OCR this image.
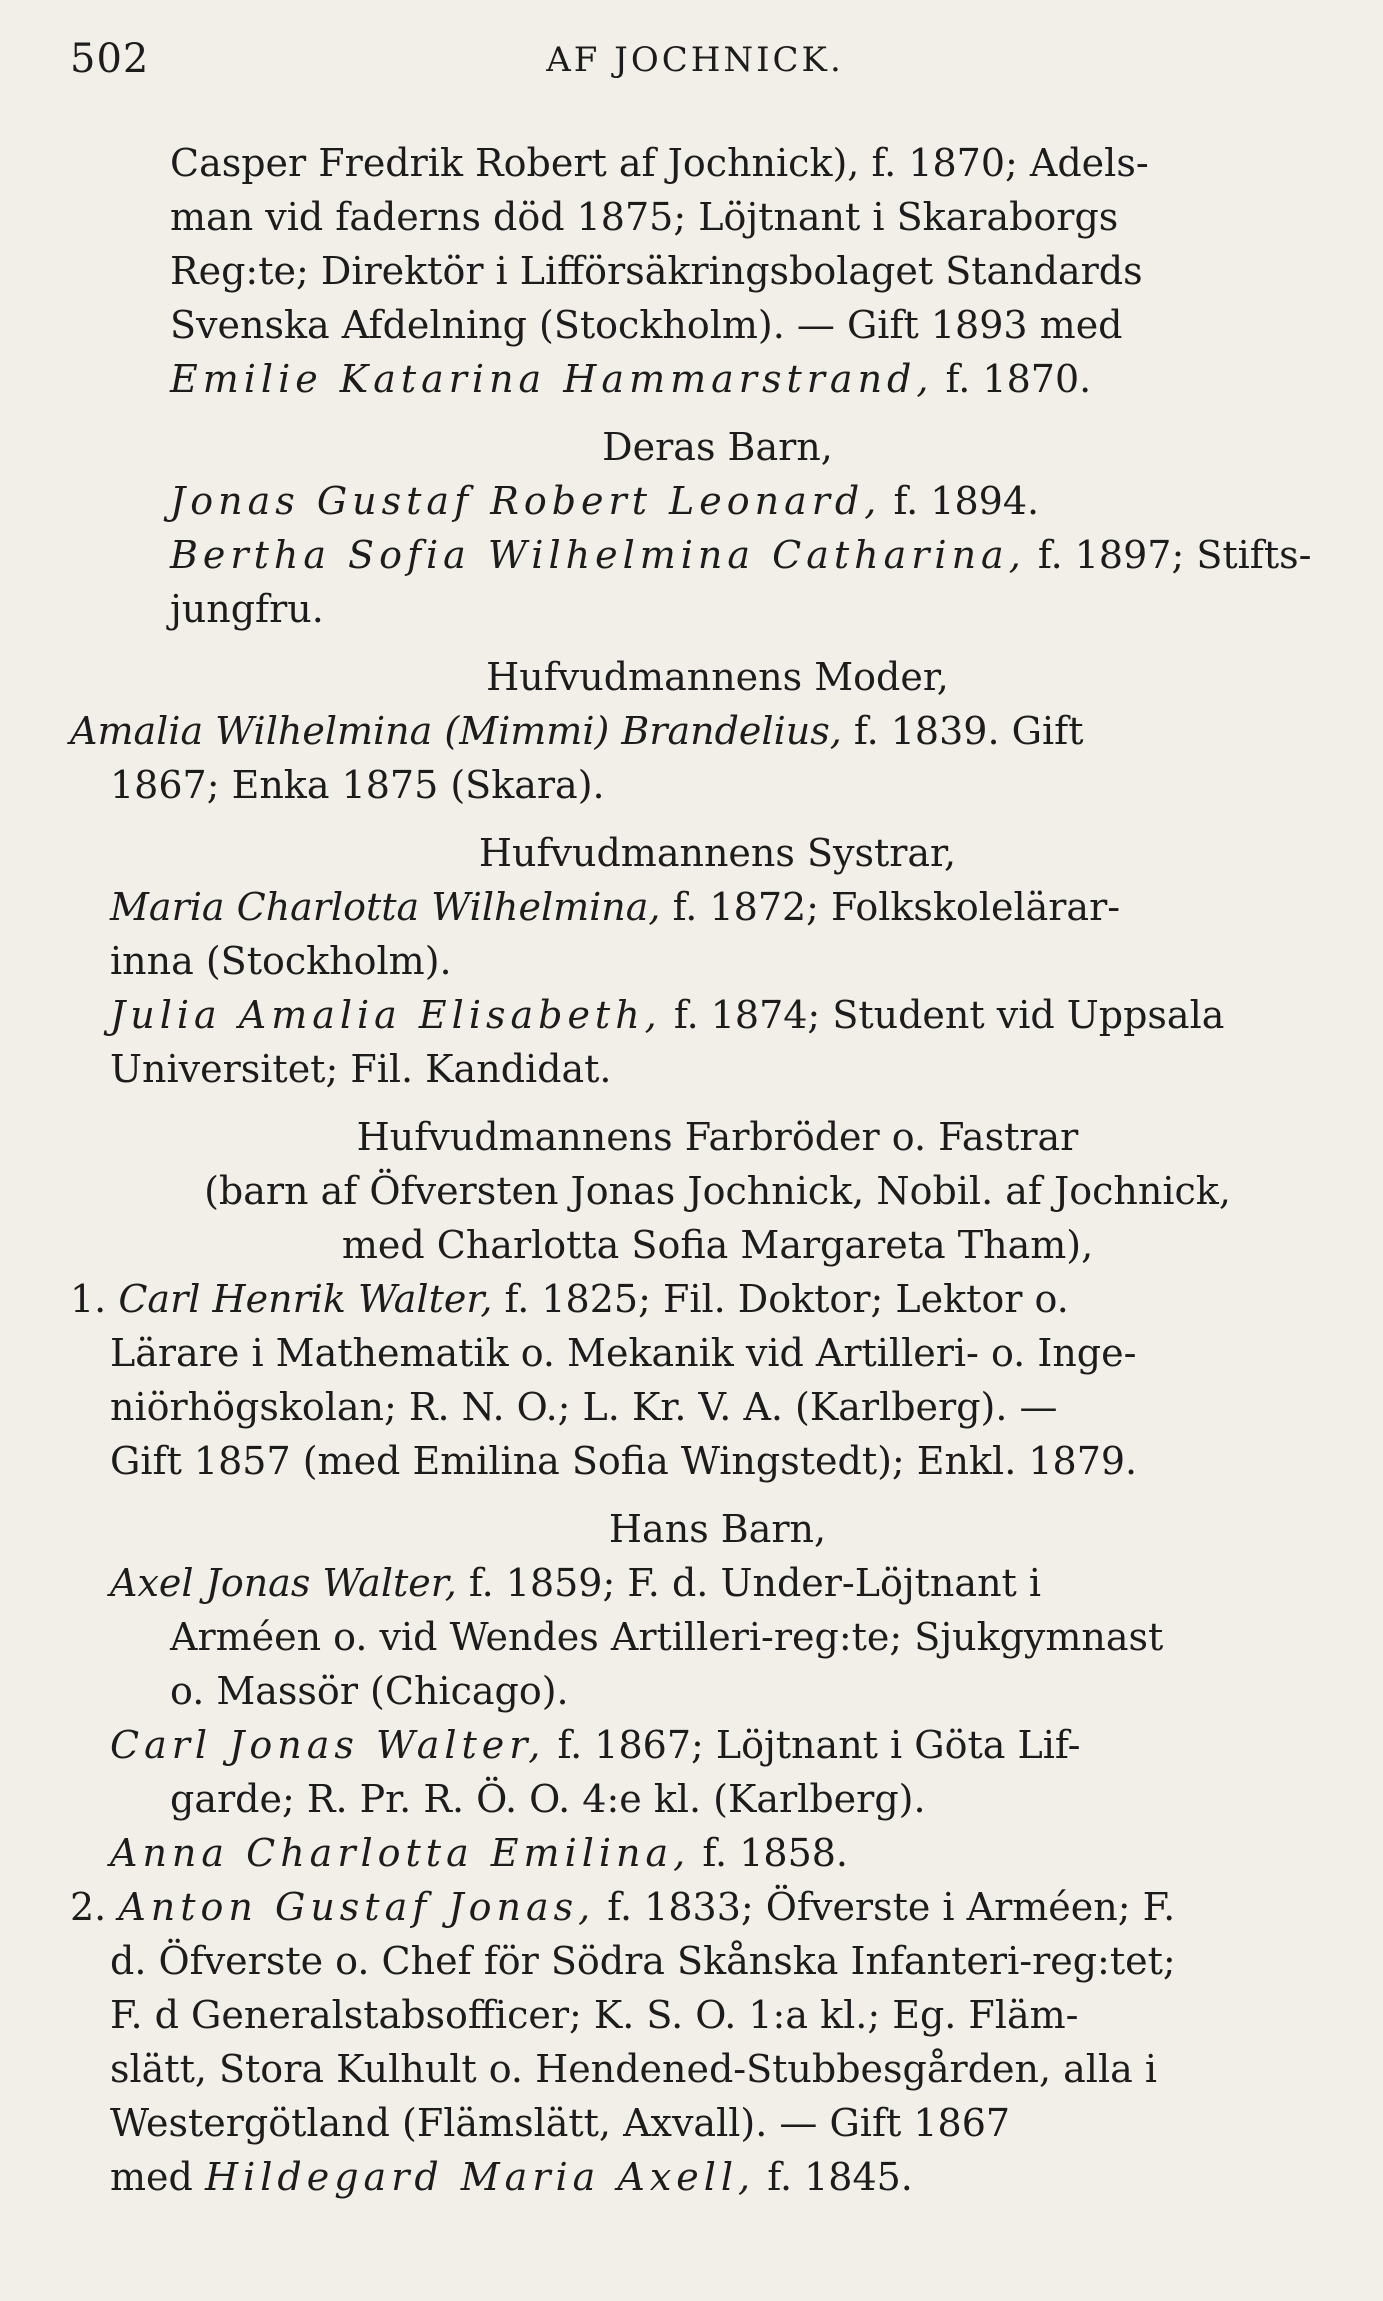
502	AF JOCHNICK.
Casper Fredrik Robert af Jochnick), f. 1870; Adels-
man vid faderns död 1875; Löjtnant i Skaraborgs
Reg:te; Direktör i Lifförsäkringsbolaget Standards
Svenska Afdelning (Stockholm). — Gift 1893 med
Emilie Katarina Hammarstrand, f. 1870.
Deras Barn,
Jonas Gustaf Robert Leonard, f. 1894.
Bertha Sofia Wilhelmina Catharina, f. 1897; Stifts-
jungfru.
Hufvudmannens Moder,
Amalia Wilhelmina (Mimmi) Brandelius, f. 1839. Gift
1867; Enka 1875 (Skara).
Hufvudmannens Systrar,
Maria Charlotta Wilhelmina, f. 1872; Folkskolelärar-
inna (Stockholm).
Julia Amalia Elisabeth, f. 1874; Student vid Uppsala
Universitet; Fil. Kandidat.
Hufvudmannens Farbröder o. Fastrar
(barn af Öfversten Jonas Jochnick, Nobil. af Jochnick,
med Charlotta Sofia Margareta Tham),
1. Carl Henrik Walter, f. 1825; Fil. Doktor; Lektor o.
Lärare i Mathematik o. Mekanik vid Artilleri- o. Inge-
niörhögskolan; R. N. O.; L. Kr. V. A. (Karlberg). —
Gift 1857 (med Emilina Sofia Wingstedt); Enkl. 1879.
Hans Barn,
Axel Jonas Walter, f. 1859; F. d. Under-Löjtnant i
Arméen o. vid Wendes Artilleri-reg:te; Sjukgymnast
o. Massör (Chicago).
Carl Jonas Walter, f. 1867; Löjtnant i Göta Lif-
garde; R. Pr. R. Ö. O. 4:e kl. (Karlberg).
Anna Charlotta Emilina, f. 1858.
2. Anton Gustaf Jonas, f. 1833; Öfverste i Arméen; F.
d. Öfverste o. Chef för Södra Skånska Infanteri-reg:tet;
F. d Generalstabsofficer; K. S. O. 1:a kl.; Eg. Fläm-
slätt, Stora Kulhult o. Hendened-Stubbesgården, alla i
Westergötland (Flämslätt, Axvall). — Gift 1867
med Hildegard Maria Axell, f. 1845.
